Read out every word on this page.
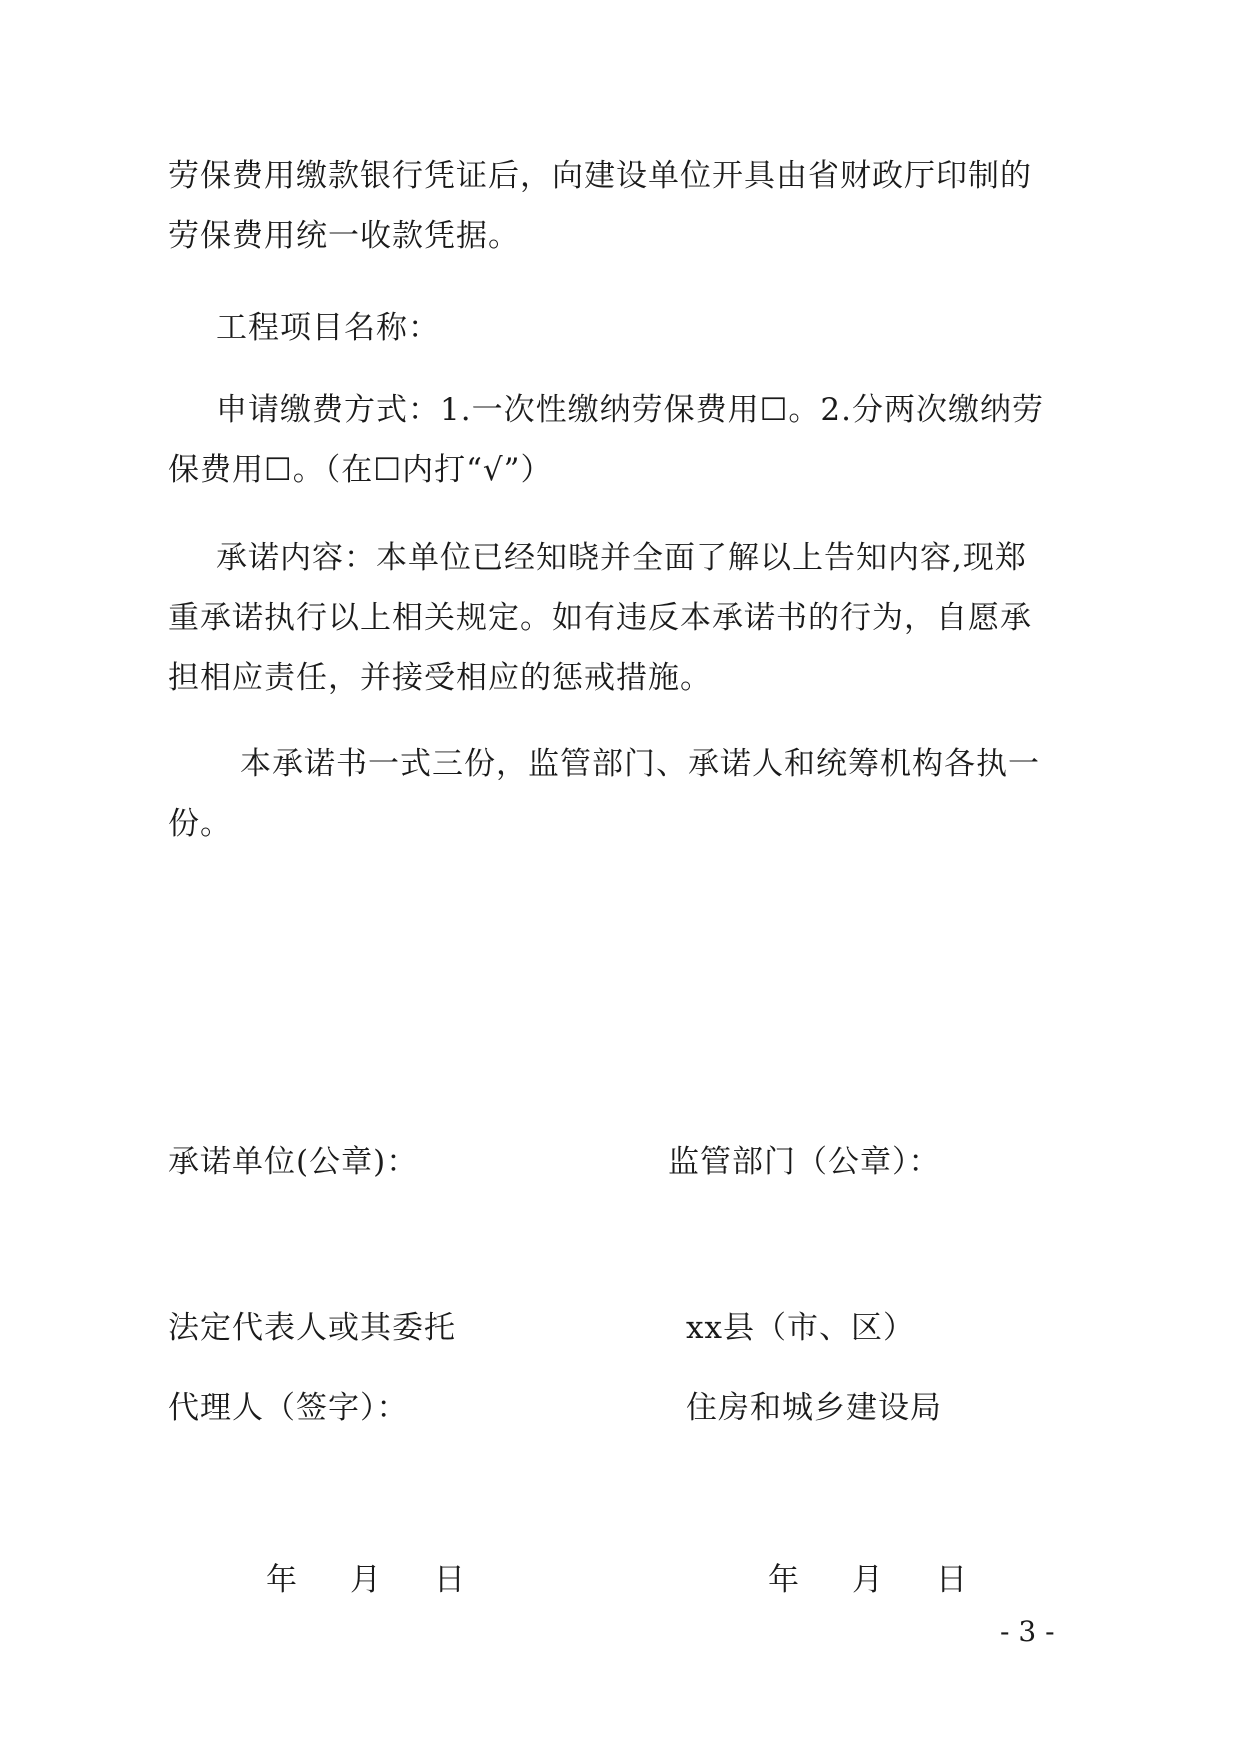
劳保费用缴款银行凭证后，向建设单位开具由省财政厅印制的
劳保费用统一收款凭据。
工程项目名称：
申请缴费方式：1.一次性缴纳劳保费用☐。2.分两次缴纳劳
保费用☐。（在☐内打“√”）
承诺内容：本单位已经知晓并全面了解以上告知内容,现郑
重承诺执行以上相关规定。如有违反本承诺书的行为，自愿承
担相应责任，并接受相应的惩戒措施。
本承诺书一式三份，监管部门、承诺人和统筹机构各执一
份。
承诺单位(公章)：
法定代表人或其委托
代理人（签字）：
监管部门（公章）：
xx县（市、区）
住房和城乡建设局
年 月 日	年 月 日
- 3 -
